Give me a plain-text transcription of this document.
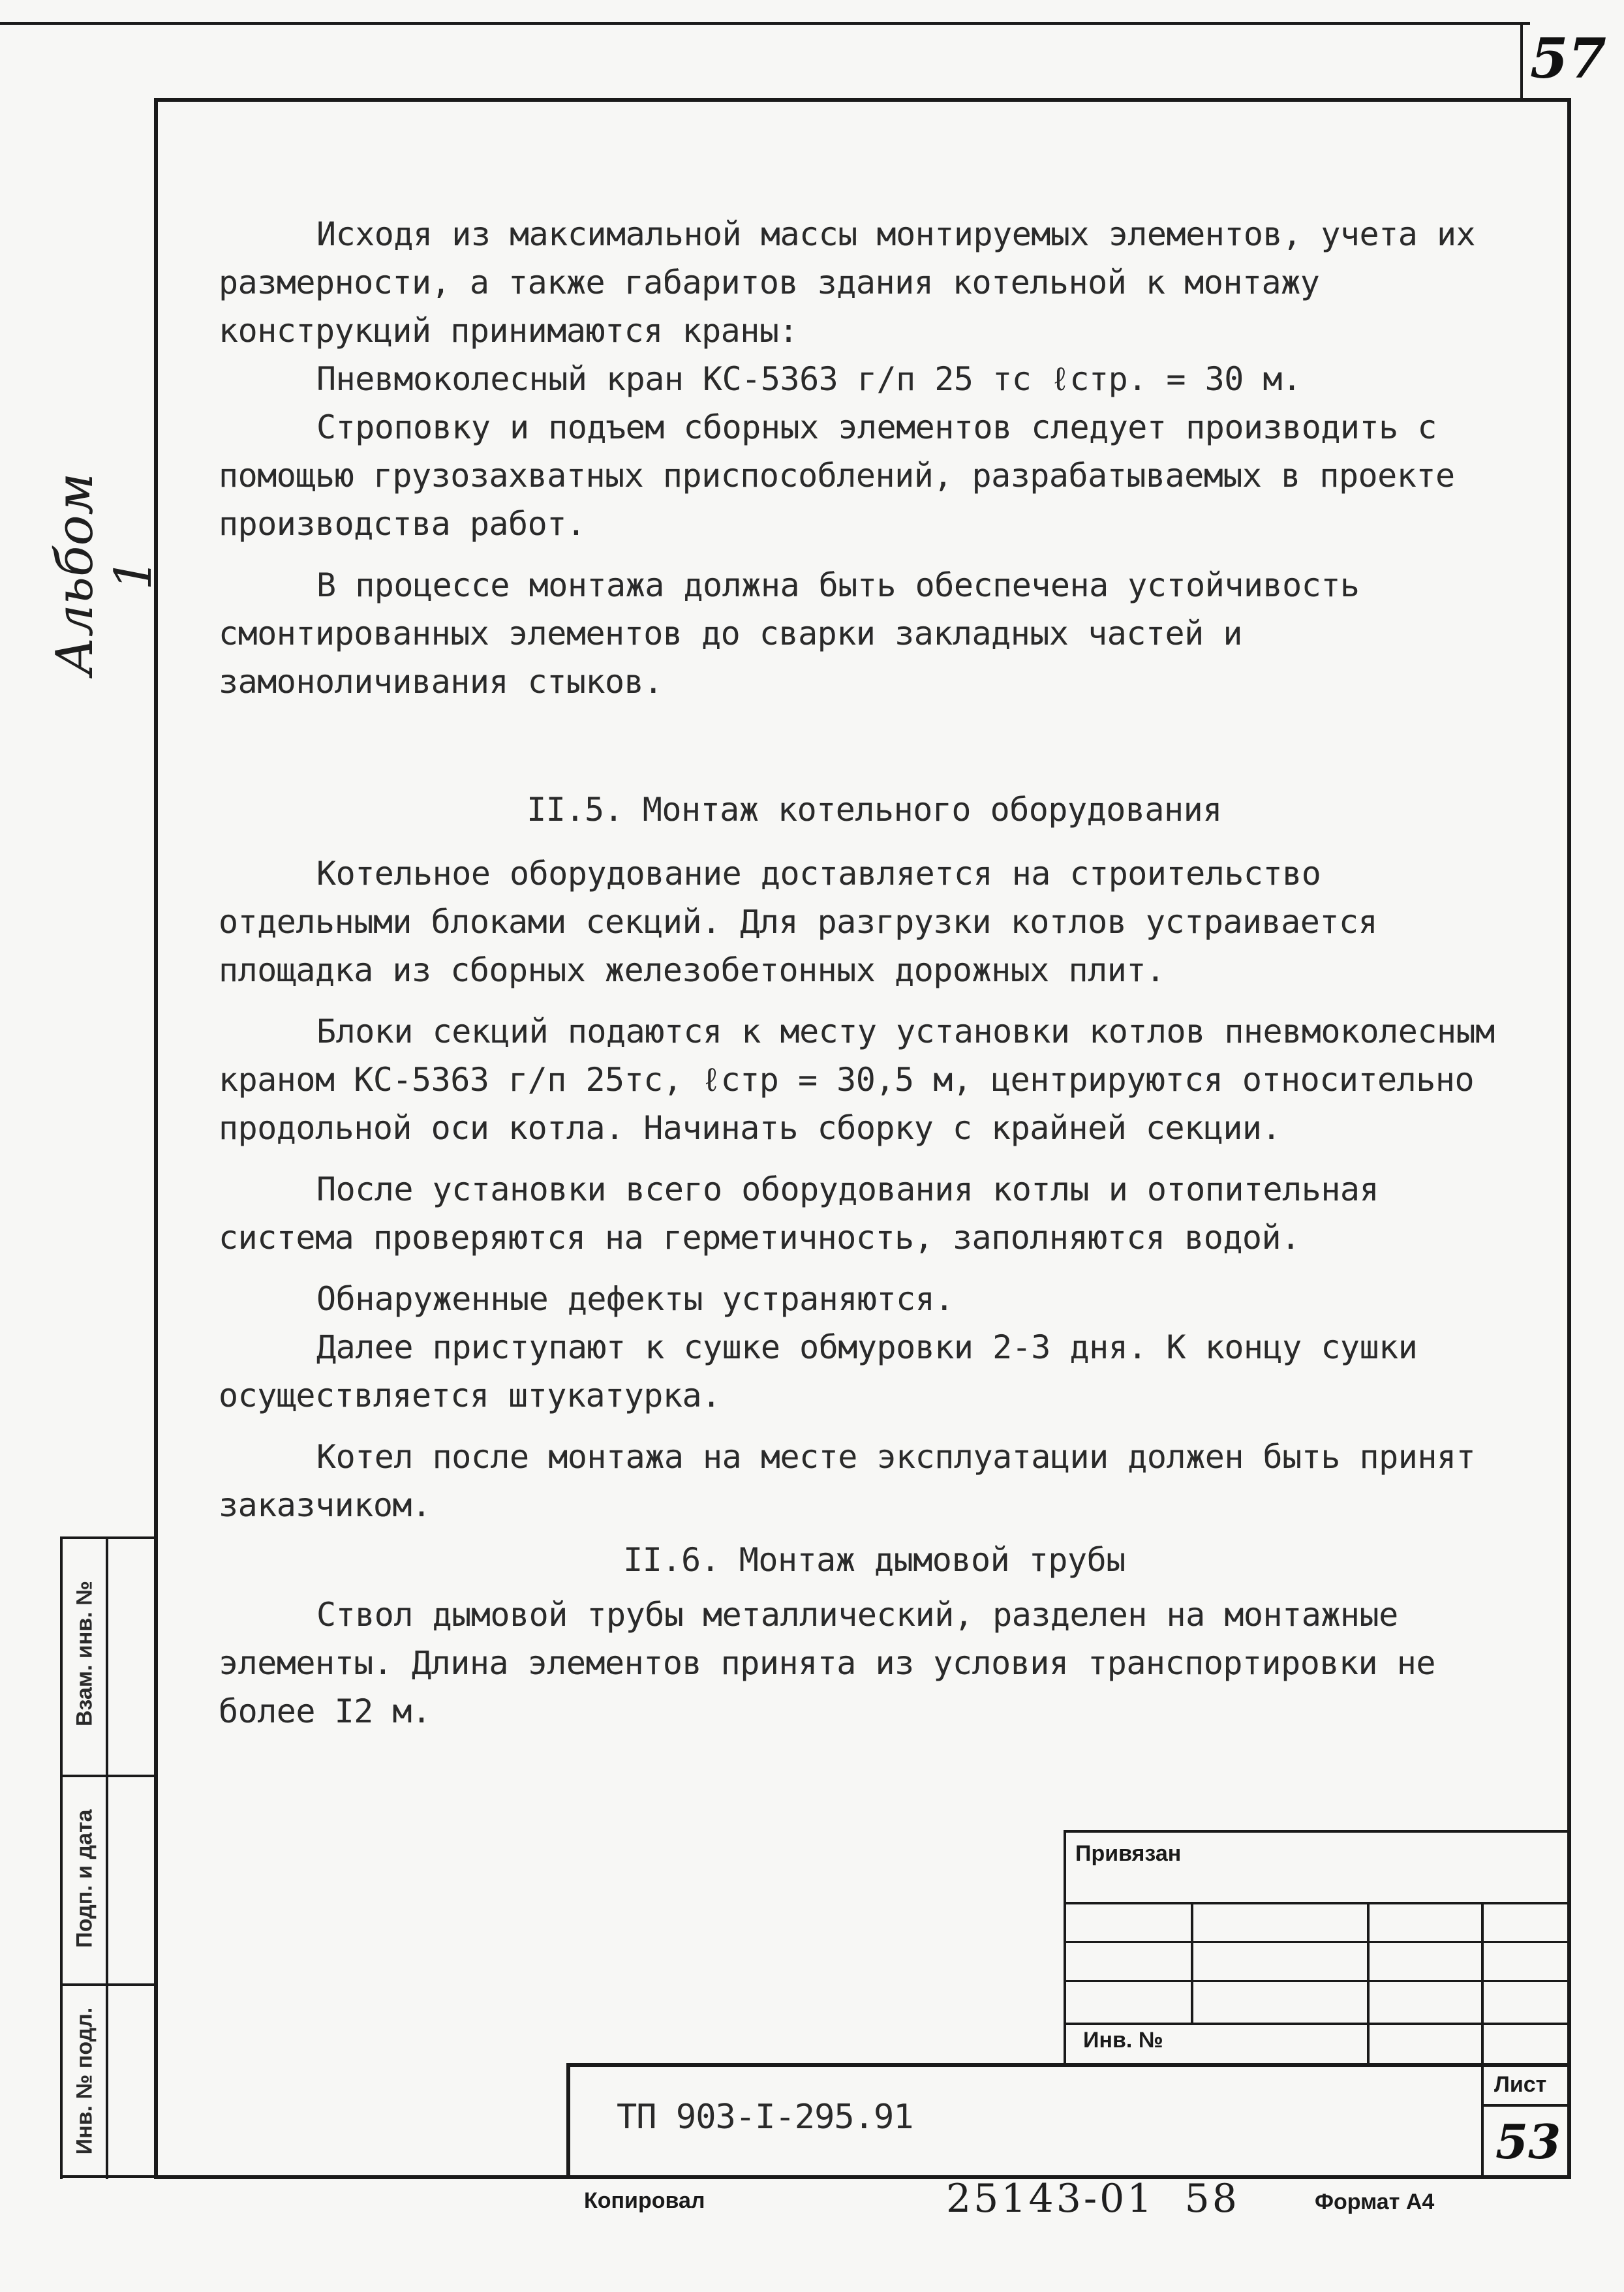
57
Альбом 1

Исходя из максимальной массы монтируемых элементов, учета их размерности, а также габаритов здания котельной к монтажу конструкций принимаются краны:

Пневмоколесный кран КС-5363 г/п 25 тс ℓстр. = 30 м.

Строповку и подъем сборных элементов следует производить с помощью грузозахватных приспособлений, разрабатываемых в проекте производства работ.

В процессе монтажа должна быть обеспечена устойчивость смонтированных элементов до сварки закладных частей и замоноличивания стыков.

II.5. Монтаж котельного оборудования

Котельное оборудование доставляется на строительство отдельными блоками секций. Для разгрузки котлов устраивается площадка из сборных железобетонных дорожных плит.

Блоки секций подаются к месту установки котлов пневмоколесным краном КС-5363 г/п 25тс, ℓстр = 30,5 м, центрируются относительно продольной оси котла. Начинать сборку с крайней секции.

После установки всего оборудования котлы и отопительная система проверяются на герметичность, заполняются водой.

Обнаруженные дефекты устраняются.

Далее приступают к сушке обмуровки 2-3 дня. К концу сушки осуществляется штукатурка.

Котел после монтажа на месте эксплуатации должен быть принят заказчиком.

II.6. Монтаж дымовой трубы

Ствол дымовой трубы металлический, разделен на монтажные элементы. Длина элементов принята из условия транспортировки не более I2 м.

Взам. инв. №
Подп. и дата
Инв. № подл.
Привязан
Инв. №
ТП 903-I-295.91
Лист
53
Копировал	25143-01  58	Формат А4
